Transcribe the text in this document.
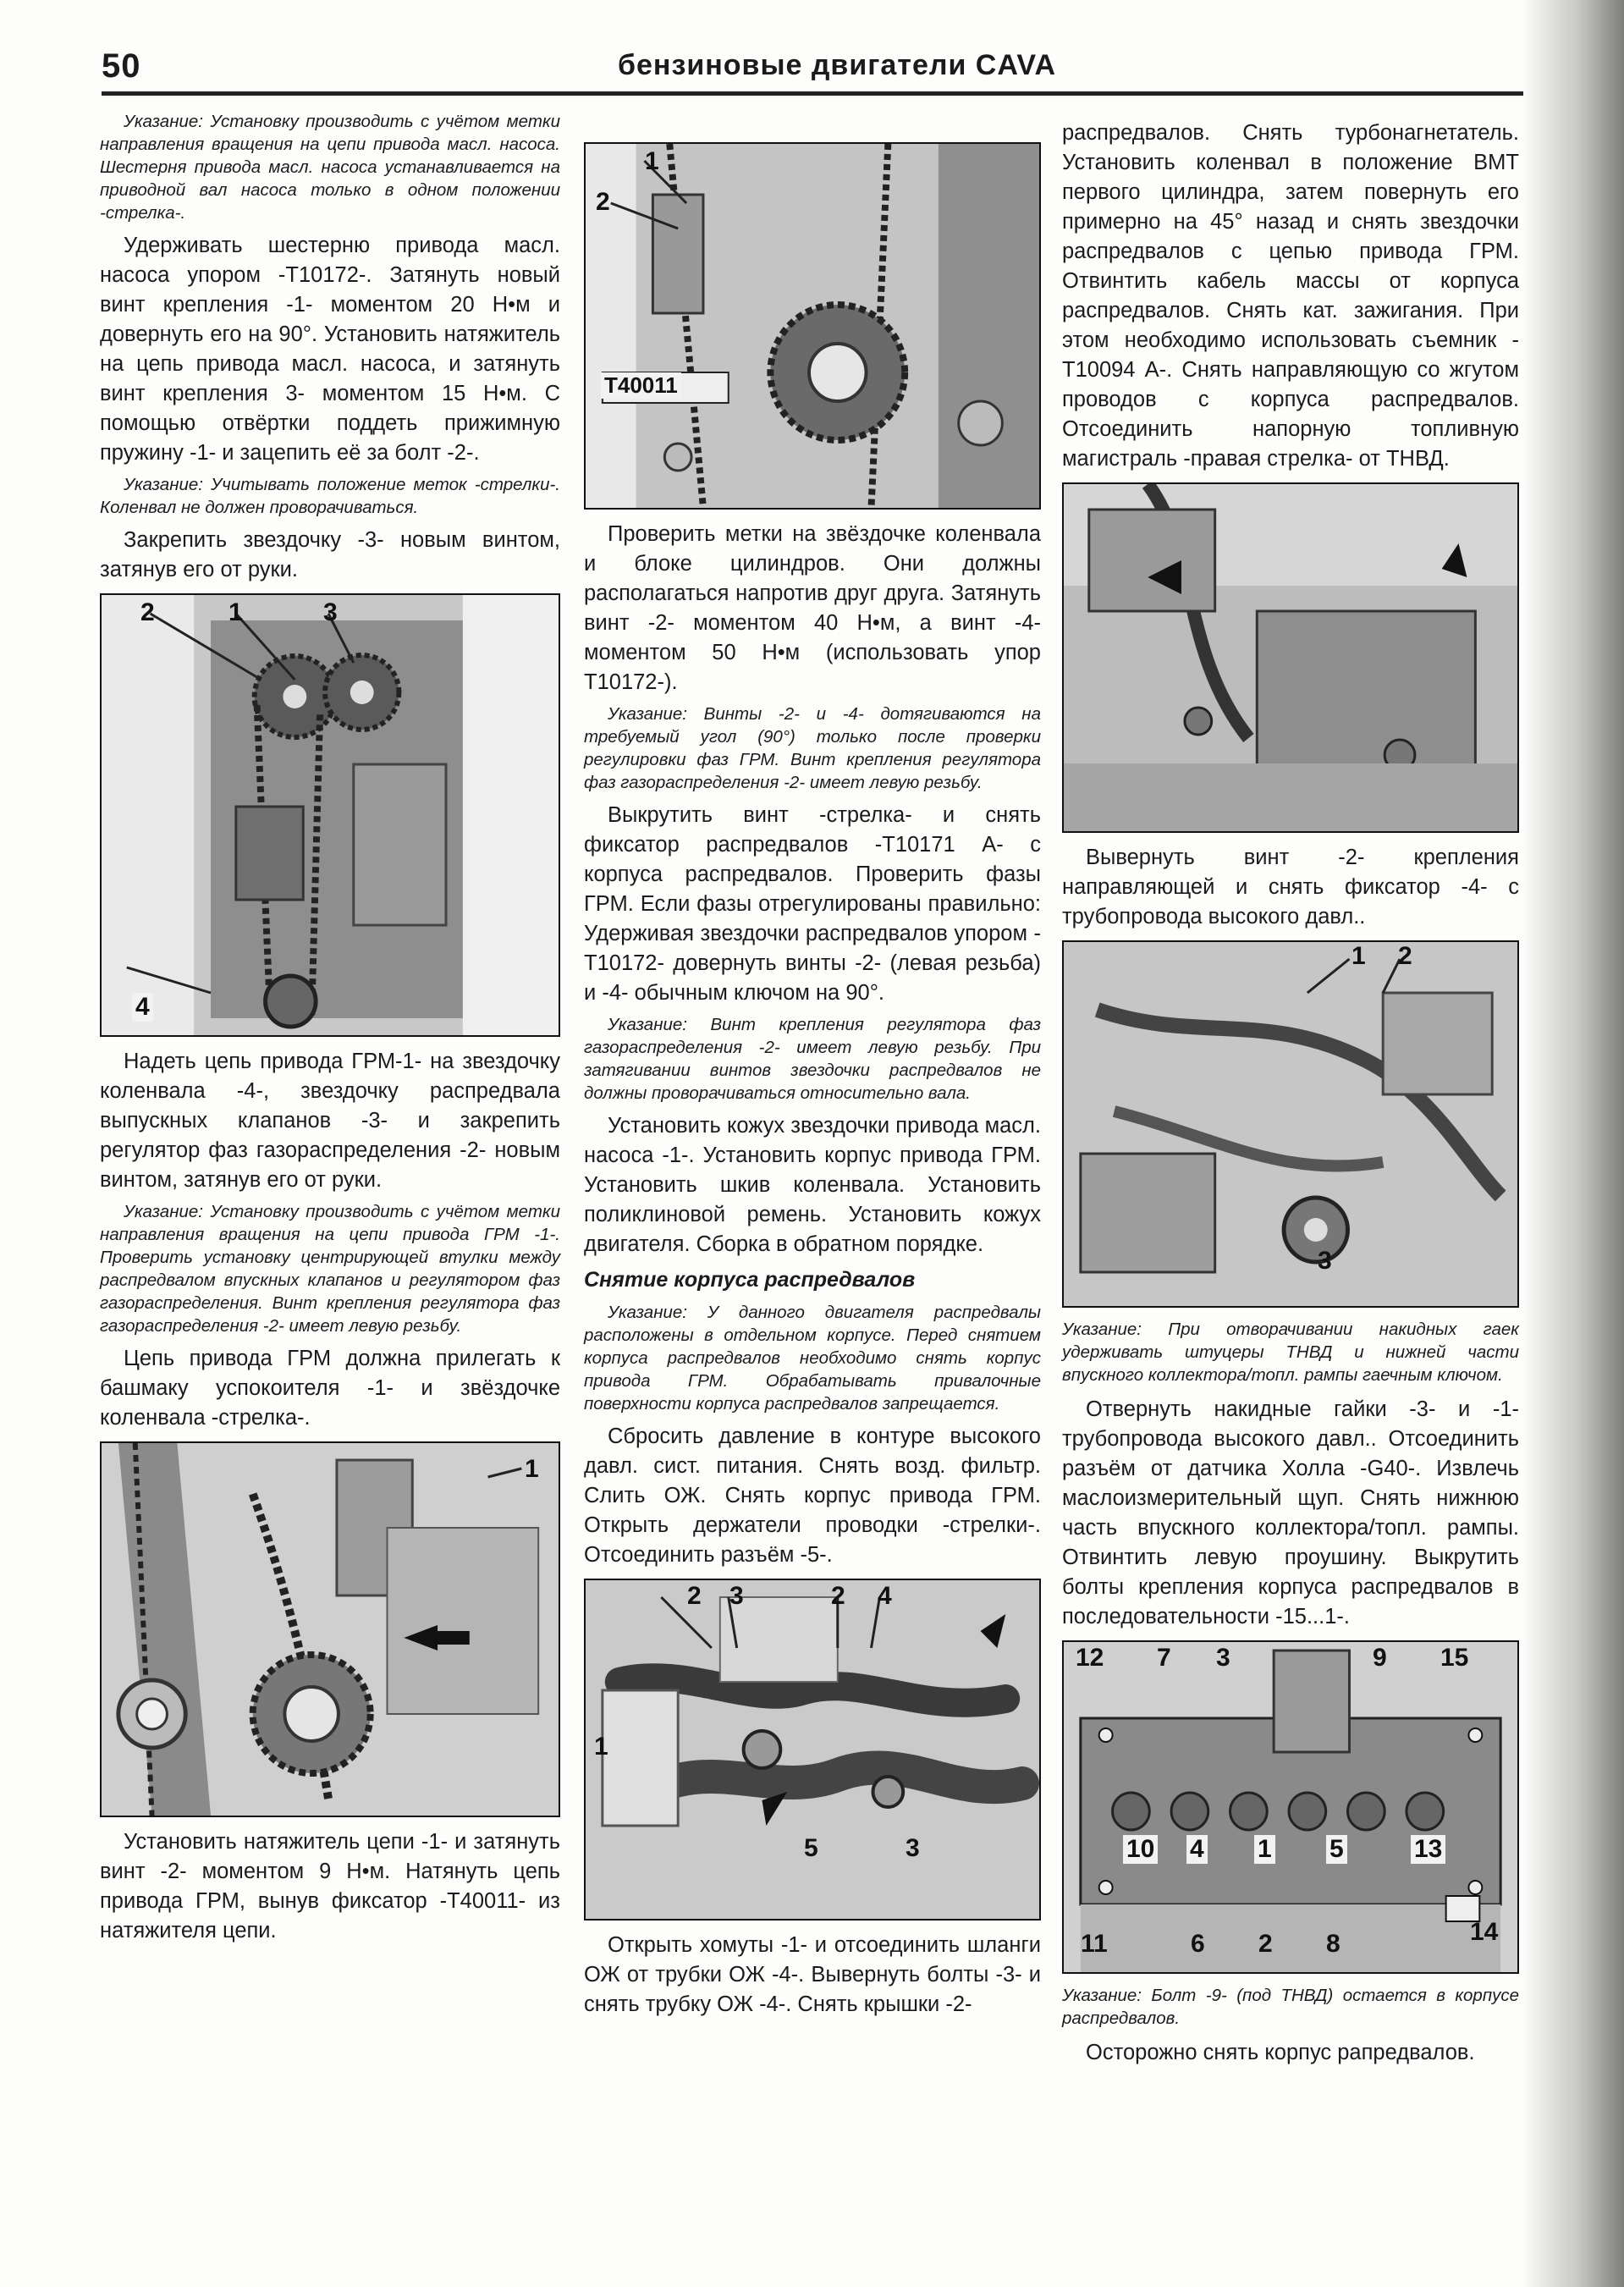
50	бензиновые двигатели CAVA

Указание: Установку производить с учётом метки направления вращения на цепи привода масл. насоса. Шестерня привода масл. насоса устанавливается на приводной вал насоса только в одном положении -стрелка-.

Удерживать шестерню привода масл. насоса упором -T10172-. Затянуть новый винт крепления -1- моментом 20 Н•м и довернуть его на 90°. Установить натяжитель на цепь привода масл. насоса, и затянуть винт крепления 3- моментом 15 Н•м. С помощью отвёртки поддеть прижимную пружину -1- и зацепить её за болт -2-.

Указание: Учитывать положение меток -стрелки-. Коленвал не должен проворачиваться.

Закрепить звездочку -3- новым винтом, затянув его от руки.

2	1	3
4

Надеть цепь привода ГРМ-1- на звездочку коленвала -4-, звездочку распредвала выпускных клапанов -3- и закрепить регулятор фаз газораспределения -2- новым винтом, затянув его от руки.

Указание: Установку производить с учётом метки направления вращения на цепи привода ГРМ -1-. Проверить установку центрирующей втулки между распредвалом впускных клапанов и регулятором фаз газораспределения. Винт крепления регулятора фаз газораспределения -2- имеет левую резьбу.

Цепь привода ГРМ должна прилегать к башмаку успокоителя -1- и звёздочке коленвала -стрелка-.

1

Установить натяжитель цепи -1- и затянуть винт -2- моментом 9 Н•м. Натянуть цепь привода ГРМ, вынув фиксатор -T40011- из натяжителя цепи.

1
2
T40011

Проверить метки на звёздочке коленвала и блоке цилиндров. Они должны располагаться напротив друг друга. Затянуть винт -2- моментом 40 Н•м, а винт -4- моментом 50 Н•м (использовать упор T10172-).

Указание: Винты -2- и -4- дотягиваются на требуемый угол (90°) только после проверки регулировки фаз ГРМ. Винт крепления регулятора фаз газораспределения -2- имеет левую резьбу.

Выкрутить винт -стрелка- и снять фиксатор распредвалов -T10171 А- с корпуса распредвалов. Проверить фазы ГРМ. Если фазы отрегулированы правильно: Удерживая звездочки распредвалов упором -T10172- довернуть винты -2- (левая резьба) и -4- обычным ключом на 90°.

Указание: Винт крепления регулятора фаз газораспределения -2- имеет левую резьбу. При затягивании винтов звездочки распредвалов не должны проворачиваться относительно вала.

Установить кожух звездочки привода масл. насоса -1-. Установить корпус привода ГРМ. Установить шкив коленвала. Установить поликлиновой ремень. Установить кожух двигателя. Сборка в обратном порядке.

Снятие корпуса распредвалов

Указание: У данного двигателя распредвалы расположены в отдельном корпусе. Перед снятием корпуса распредвалов необходимо снять корпус привода ГРМ. Обрабатывать привалочные поверхности корпуса распредвалов запрещается.

Сбросить давление в контуре высокого давл. сист. питания. Снять возд. фильтр. Слить ОЖ. Снять корпус привода ГРМ. Открыть держатели проводки -стрелки-. Отсоединить разъём -5-.

2 3	2 4
1
5	3

Открыть хомуты -1- и отсоединить шланги ОЖ от трубки ОЖ -4-. Вывернуть болты -3- и снять трубку ОЖ -4-. Снять крышки -2-

распредвалов. Снять турбонагнетатель. Установить коленвал в положение ВМТ первого цилиндра, затем повернуть его примерно на 45° назад и снять звездочки распредвалов с цепью привода ГРМ. Отвинтить кабель массы от корпуса распредвалов. Снять кат. зажигания. При этом необходимо использовать съемник -T10094 А-. Снять направляющую со жгутом проводов с корпуса распредвалов. Отсоединить напорную топливную магистраль -правая стрелка- от ТНВД.

Вывернуть винт -2- крепления направляющей и снять фиксатор -4- с трубопровода высокого давл..

1 2
3

Указание: При отворачивании накидных гаек удерживать штуцеры ТНВД и нижней части впускного коллектора/топл. рампы гаечным ключом.

Отвернуть накидные гайки -3- и -1- трубопровода высокого давл.. Отсоединить разъём от датчика Холла -G40-. Извлечь маслоизмерительный щуп. Снять нижнюю часть впускного коллектора/топл. рампы. Отвинтить левую проушину. Выкрутить болты крепления корпуса распредвалов в последовательности -15...1-.

12 7 3	9 15
10 4 1 5	13
11	6 2 8	14

Указание: Болт -9- (под ТНВД) остается в корпусе распредвалов.

Осторожно снять корпус рапредвалов.
